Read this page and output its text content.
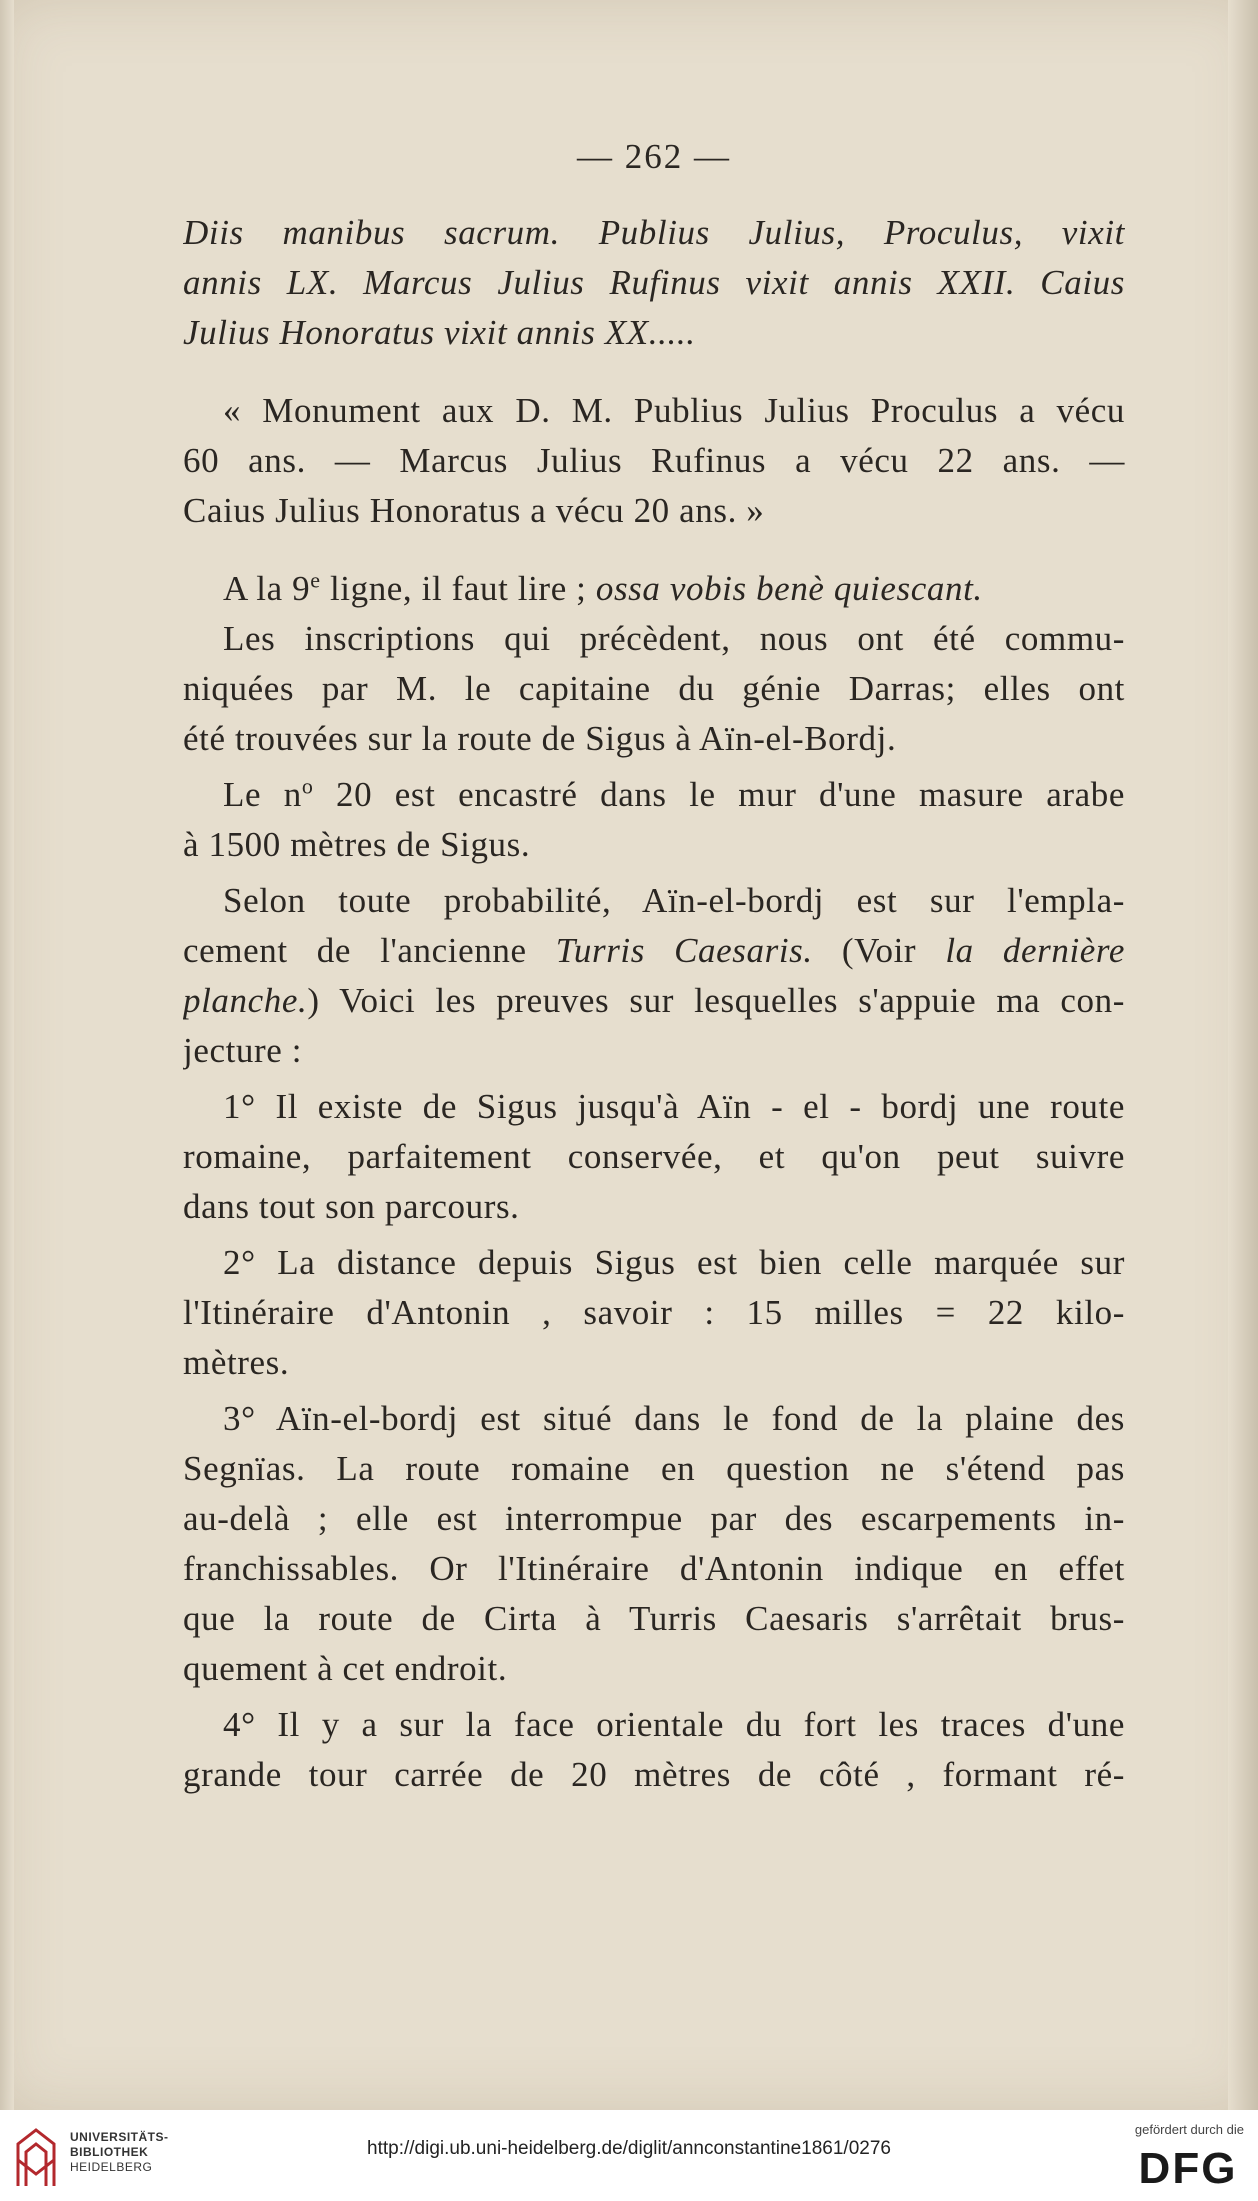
— 262 —
Diis manibus sacrum. Publius Julius, Proculus, vixit
annis LX. Marcus Julius Rufinus vixit annis XXII. Caius
Julius Honoratus vixit annis XX.....
« Monument aux D. M. Publius Julius Proculus a vécu
60 ans. — Marcus Julius Rufinus a vécu 22 ans. —
Caius Julius Honoratus a vécu 20 ans. »
A la 9e ligne, il faut lire ; ossa vobis benè quiescant.
Les inscriptions qui précèdent, nous ont été commu-
niquées par M. le capitaine du génie Darras; elles ont
été trouvées sur la route de Sigus à Aïn-el-Bordj.
Le $n^o$ 20 est encastré dans le mur d'une masure arabe
à 1500 mètres de Sigus.
Selon toute probabilité, Aïn-el-bordj est sur l'empla-
cement de l'ancienne Turris Caesaris. (Voir la dernière
planche.) Voici les preuves sur lesquelles s'appuie ma con-
jecture :
1° Il existe de Sigus jusqu'à Aïn - el - bordj une route
romaine, parfaitement conservée, et qu'on peut suivre
dans tout son parcours.
2° La distance depuis Sigus est bien celle marquée sur
l'Itinéraire d'Antonin , savoir : 15 milles = 22 kilo-
mètres.
3° Aïn-el-bordj est situé dans le fond de la plaine des
Segnïas. La route romaine en question ne s'étend pas
au-delà ; elle est interrompue par des escarpements in-
franchissables. Or l'Itinéraire d'Antonin indique en effet
que la route de Cirta à Turris Caesaris s'arrêtait brus-
quement à cet endroit.
4° Il y a sur la face orientale du fort les traces d'une
grande tour carrée de 20 mètres de côté , formant ré-
UNIVERSITÄTS-
BIBLIOTHEK
HEIDELBERG
http://digi.ub.uni-heidelberg.de/diglit/annconstantine1861/0276
gefördert durch die
DFG
